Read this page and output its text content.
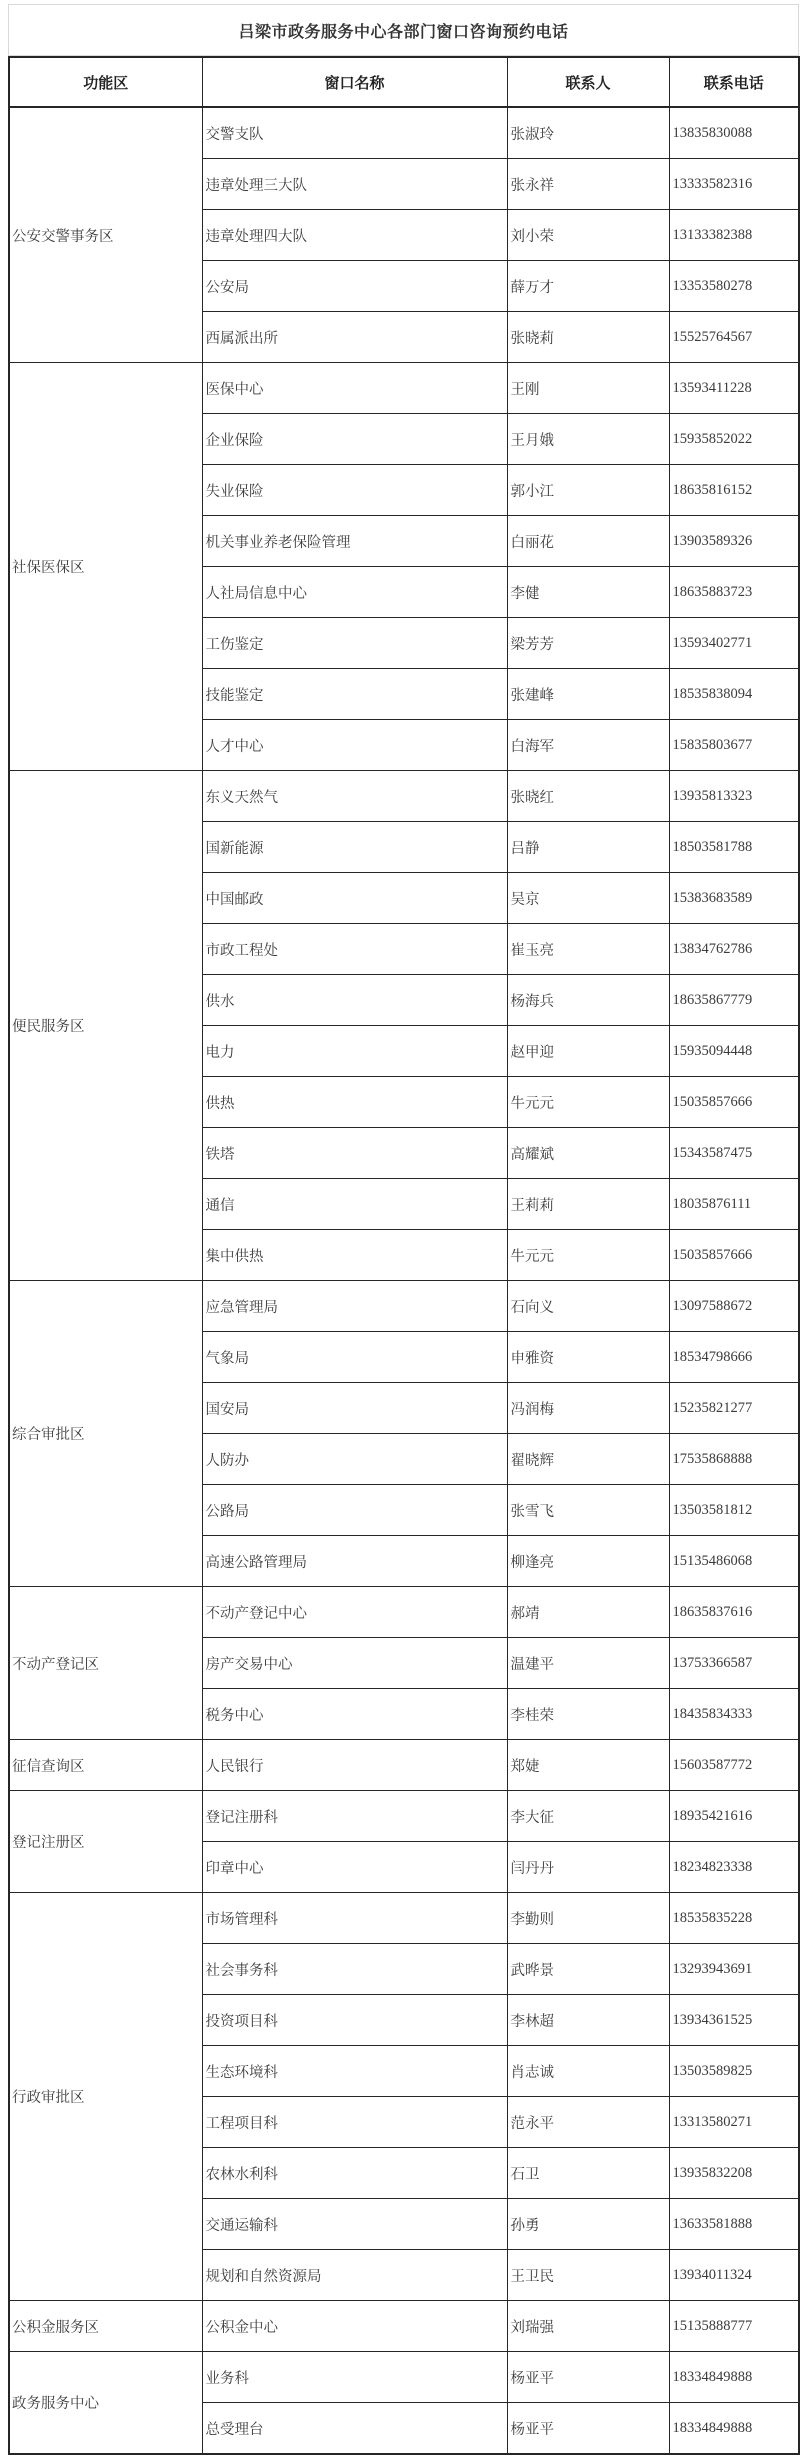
吕梁市政务服务中心各部门窗口咨询预约电话
功能区	窗口名称	联系人	联系电话
公安交警事务区	交警支队	张淑玲	13835830088
	违章处理三大队	张永祥	13333582316
	违章处理四大队	刘小荣	13133382388
	公安局	薛万才	13353580278
	西属派出所	张晓莉	15525764567
社保医保区	医保中心	王刚	13593411228
	企业保险	王月娥	15935852022
	失业保险	郭小江	18635816152
	机关事业养老保险管理	白丽花	13903589326
	人社局信息中心	李健	18635883723
	工伤鉴定	梁芳芳	13593402771
	技能鉴定	张建峰	18535838094
	人才中心	白海军	15835803677
便民服务区	东义天然气	张晓红	13935813323
	国新能源	吕静	18503581788
	中国邮政	吴京	15383683589
	市政工程处	崔玉亮	13834762786
	供水	杨海兵	18635867779
	电力	赵甲迎	15935094448
	供热	牛元元	15035857666
	铁塔	高耀斌	15343587475
	通信	王莉莉	18035876111
	集中供热	牛元元	15035857666
综合审批区	应急管理局	石向义	13097588672
	气象局	申雅资	18534798666
	国安局	冯润梅	15235821277
	人防办	翟晓辉	17535868888
	公路局	张雪飞	13503581812
	高速公路管理局	柳逢亮	15135486068
不动产登记区	不动产登记中心	郝靖	18635837616
	房产交易中心	温建平	13753366587
	税务中心	李桂荣	18435834333
征信查询区	人民银行	郑婕	15603587772
登记注册区	登记注册科	李大征	18935421616
	印章中心	闫丹丹	18234823338
行政审批区	市场管理科	李勤则	18535835228
	社会事务科	武晔景	13293943691
	投资项目科	李林超	13934361525
	生态环境科	肖志诚	13503589825
	工程项目科	范永平	13313580271
	农林水利科	石卫	13935832208
	交通运输科	孙勇	13633581888
	规划和自然资源局	王卫民	13934011324
公积金服务区	公积金中心	刘瑞强	15135888777
政务服务中心	业务科	杨亚平	18334849888
	总受理台	杨亚平	18334849888
